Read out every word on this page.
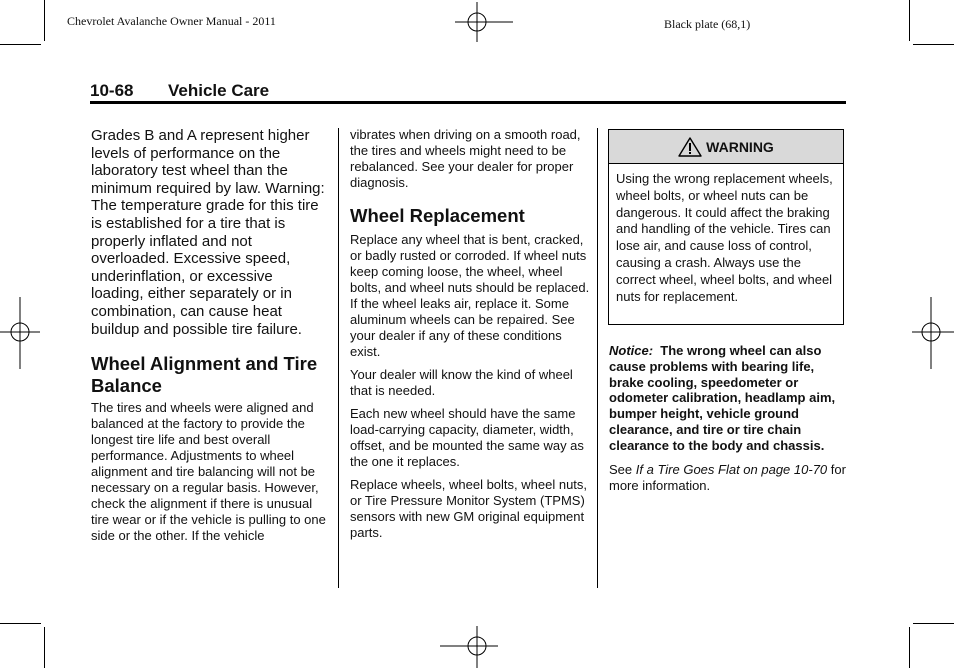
Chevrolet Avalanche Owner Manual - 2011	Black plate (68,1)
10-68 Vehicle Care

Grades B and A represent higher levels of performance on the laboratory test wheel than the minimum required by law. Warning: The temperature grade for this tire is established for a tire that is properly inflated and not overloaded. Excessive speed, underinflation, or excessive loading, either separately or in combination, can cause heat buildup and possible tire failure.

Wheel Alignment and Tire Balance

The tires and wheels were aligned and balanced at the factory to provide the longest tire life and best overall performance. Adjustments to wheel alignment and tire balancing will not be necessary on a regular basis. However, check the alignment if there is unusual tire wear or if the vehicle is pulling to one side or the other. If the vehicle

vibrates when driving on a smooth road, the tires and wheels might need to be rebalanced. See your dealer for proper diagnosis.

Wheel Replacement

Replace any wheel that is bent, cracked, or badly rusted or corroded. If wheel nuts keep coming loose, the wheel, wheel bolts, and wheel nuts should be replaced. If the wheel leaks air, replace it. Some aluminum wheels can be repaired. See your dealer if any of these conditions exist.

Your dealer will know the kind of wheel that is needed.

Each new wheel should have the same load-carrying capacity, diameter, width, offset, and be mounted the same way as the one it replaces.

Replace wheels, wheel bolts, wheel nuts, or Tire Pressure Monitor System (TPMS) sensors with new GM original equipment parts.

WARNING
Using the wrong replacement wheels, wheel bolts, or wheel nuts can be dangerous. It could affect the braking and handling of the vehicle. Tires can lose air, and cause loss of control, causing a crash. Always use the correct wheel, wheel bolts, and wheel nuts for replacement.

Notice: The wrong wheel can also cause problems with bearing life, brake cooling, speedometer or odometer calibration, headlamp aim, bumper height, vehicle ground clearance, and tire or tire chain clearance to the body and chassis.

See If a Tire Goes Flat on page 10-70 for more information.
